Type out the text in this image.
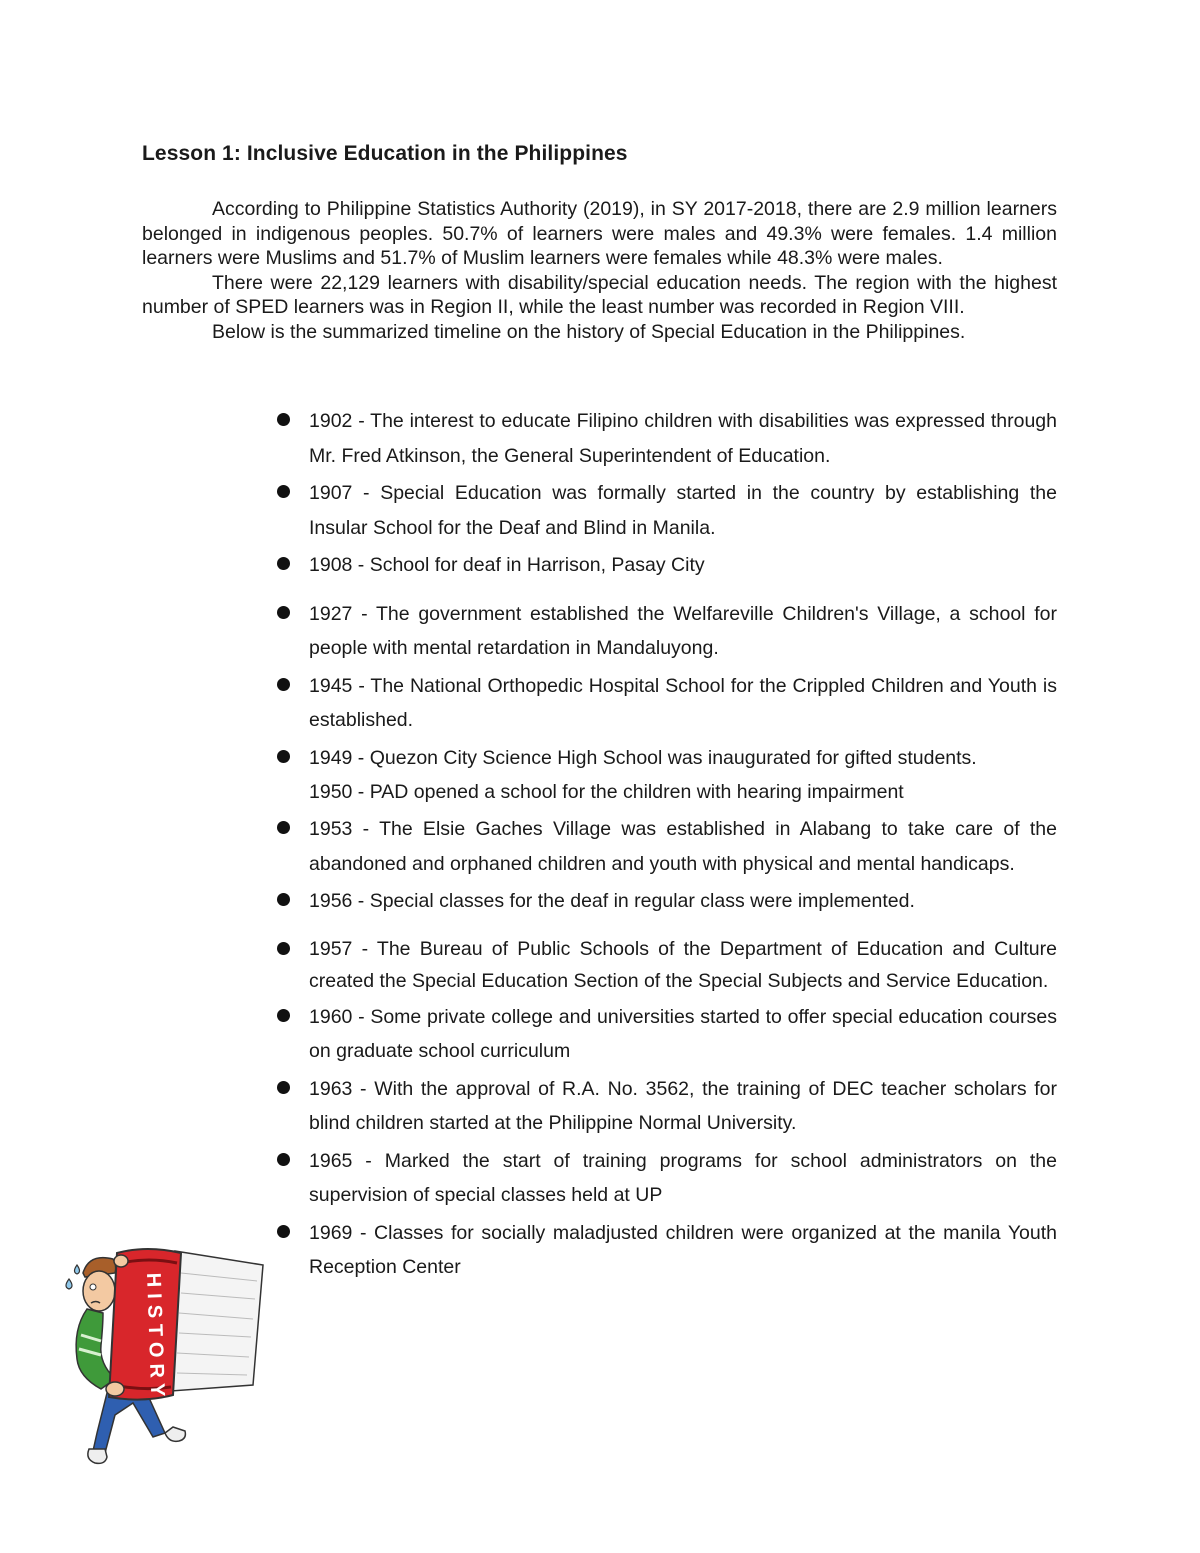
Lesson 1: Inclusive Education in the Philippines

According to Philippine Statistics Authority (2019), in SY 2017-2018, there are 2.9 million learners belonged in indigenous peoples. 50.7% of learners were males and 49.3% were females. 1.4 million learners were Muslims and 51.7% of Muslim learners were females while 48.3% were males.

There were 22,129 learners with disability/special education needs. The region with the highest number of SPED learners was in Region II, while the least number was recorded in Region VIII.

Below is the summarized timeline on the history of Special Education in the Philippines.

1902 - The interest to educate Filipino children with disabilities was expressed through Mr. Fred Atkinson, the General Superintendent of Education.

1907 - Special Education was formally started in the country by establishing the Insular School for the Deaf and Blind in Manila.

1908 - School for deaf in Harrison, Pasay City

1927 - The government established the Welfareville Children's Village, a school for people with mental retardation in Mandaluyong.

1945 - The National Orthopedic Hospital School for the Crippled Children and Youth is established.

1949 - Quezon City Science High School was inaugurated for gifted students.

1950 - PAD opened a school for the children with hearing impairment

1953 - The Elsie Gaches Village was established in Alabang to take care of the abandoned and orphaned children and youth with physical and mental handicaps.

1956 - Special classes for the deaf in regular class were implemented.

1957 - The Bureau of Public Schools of the Department of Education and Culture created the Special Education Section of the Special Subjects and Service Education.

1960 - Some private college and universities started to offer special education courses on graduate school curriculum

1963 - With the approval of R.A. No. 3562, the training of DEC teacher scholars for blind children started at the Philippine Normal University.

1965 - Marked the start of training programs for school administrators on the supervision of special classes held at UP

1969 - Classes for socially maladjusted children were organized at the manila Youth Reception Center

HISTORY
